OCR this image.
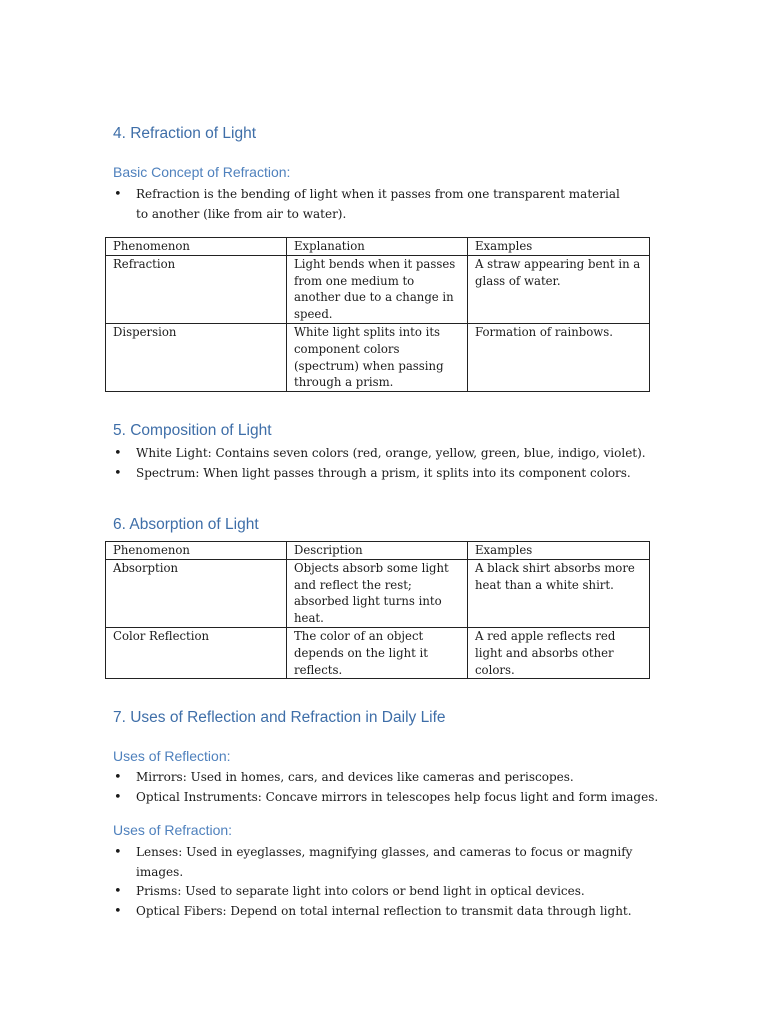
4. Refraction of Light
Basic Concept of Refraction:
• Refraction is the bending of light when it passes from one transparent material to another (like from air to water).
Phenomenon	Explanation	Examples
Refraction	Light bends when it passes from one medium to another due to a change in speed.	A straw appearing bent in a glass of water.
Dispersion	White light splits into its component colors (spectrum) when passing through a prism.	Formation of rainbows.
5. Composition of Light
• White Light: Contains seven colors (red, orange, yellow, green, blue, indigo, violet).
• Spectrum: When light passes through a prism, it splits into its component colors.
6. Absorption of Light
Phenomenon	Description	Examples
Absorption	Objects absorb some light and reflect the rest; absorbed light turns into heat.	A black shirt absorbs more heat than a white shirt.
Color Reflection	The color of an object depends on the light it reflects.	A red apple reflects red light and absorbs other colors.
7. Uses of Reflection and Refraction in Daily Life
Uses of Reflection:
• Mirrors: Used in homes, cars, and devices like cameras and periscopes.
• Optical Instruments: Concave mirrors in telescopes help focus light and form images.
Uses of Refraction:
• Lenses: Used in eyeglasses, magnifying glasses, and cameras to focus or magnify images.
• Prisms: Used to separate light into colors or bend light in optical devices.
• Optical Fibers: Depend on total internal reflection to transmit data through light.
